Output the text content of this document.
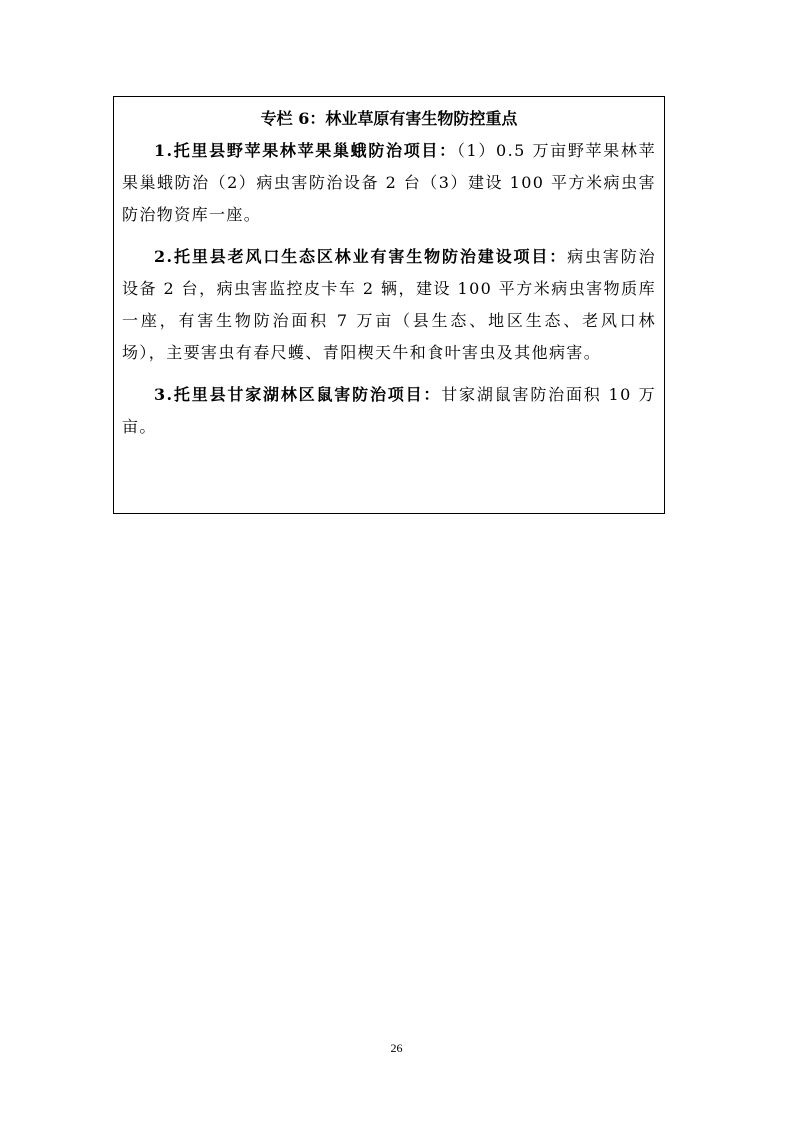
专栏 6：林业草原有害生物防控重点

1.托里县野苹果林苹果巢蛾防治项目：（1）0.5 万亩野苹果林苹果巢蛾防治（2）病虫害防治设备 2 台（3）建设 100 平方米病虫害防治物资库一座。

2.托里县老风口生态区林业有害生物防治建设项目：病虫害防治设备 2 台，病虫害监控皮卡车 2 辆，建设 100 平方米病虫害物质库一座，有害生物防治面积 7 万亩（县生态、地区生态、老风口林场），主要害虫有春尺蠖、青阳楔天牛和食叶害虫及其他病害。

3.托里县甘家湖林区鼠害防治项目：甘家湖鼠害防治面积 10 万亩。

26
